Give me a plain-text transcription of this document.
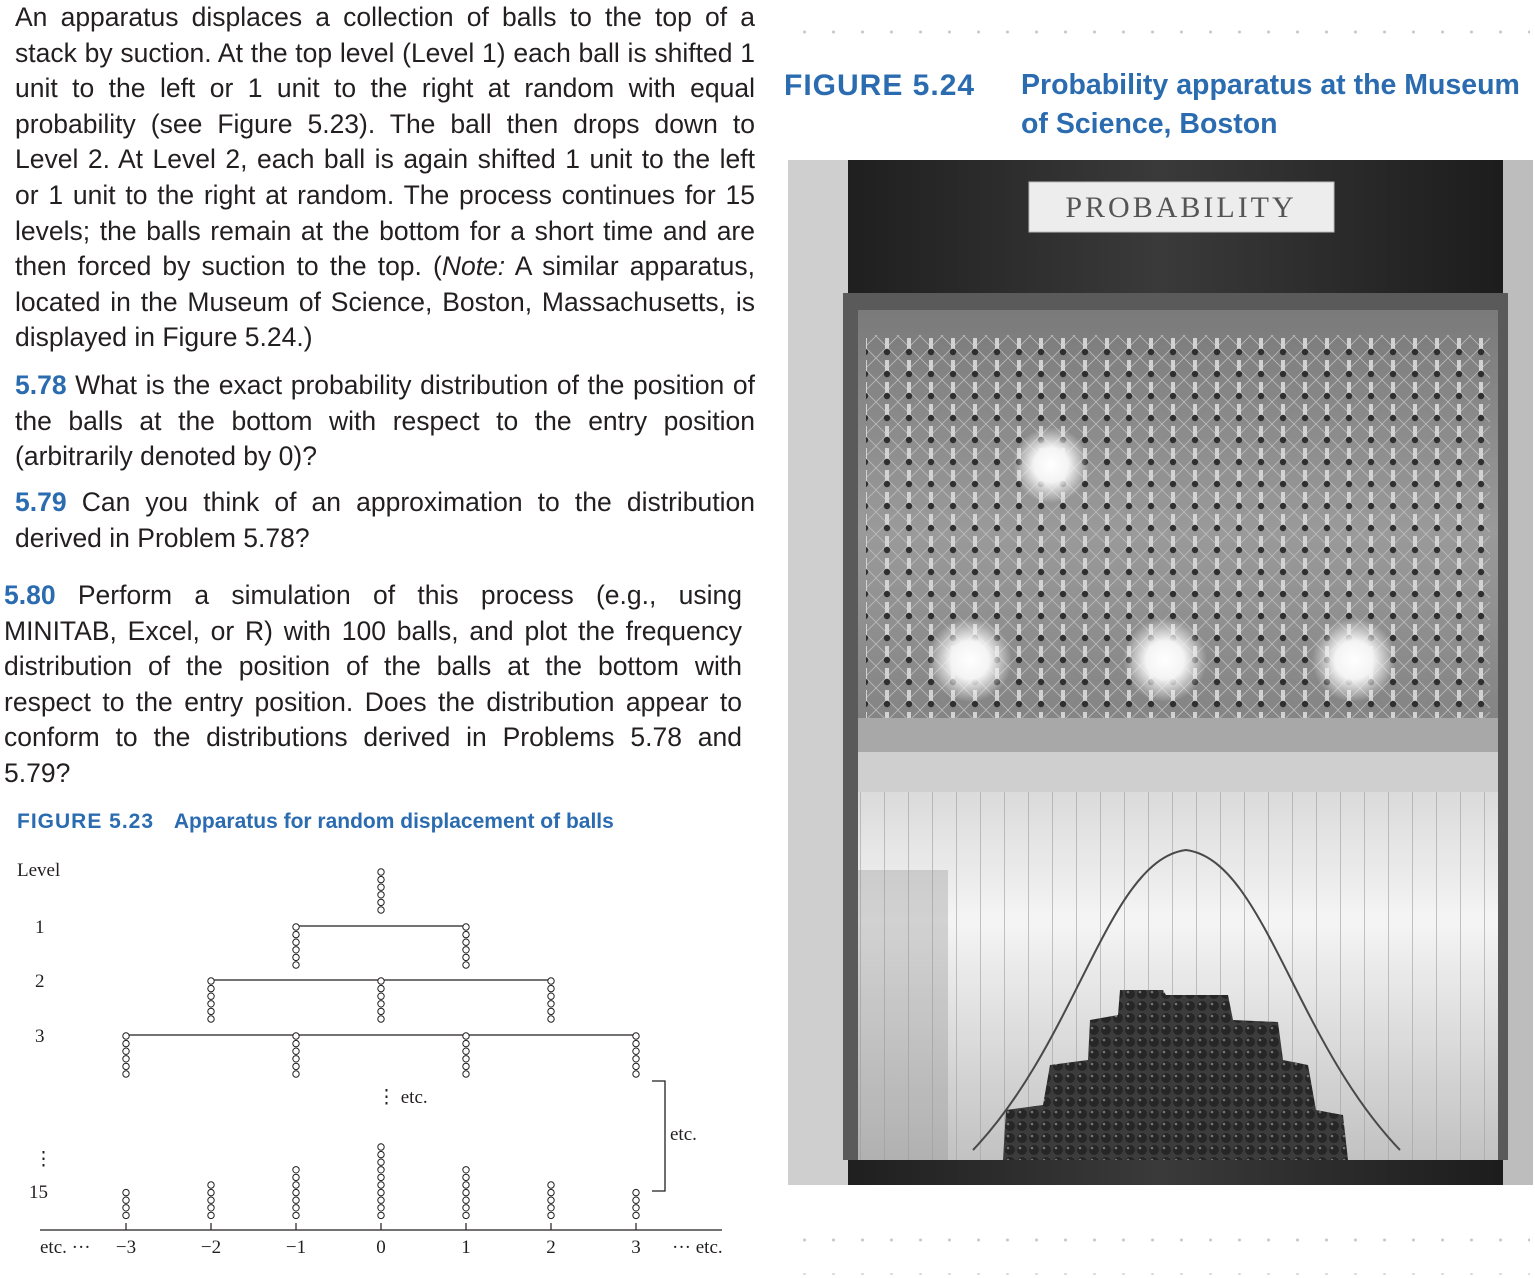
An apparatus displaces a collection of balls to the top of a stack by suction. At the top level (Level 1) each ball is shifted 1 unit to the left or 1 unit to the right at random with equal probability (see Figure 5.23). The ball then drops down to Level 2. At Level 2, each ball is again shifted 1 unit to the left or 1 unit to the right at random. The process continues for 15 levels; the balls remain at the bottom for a short time and are then forced by suction to the top. (Note: A similar apparatus, located in the Museum of Science, Boston, Massachusetts, is displayed in Figure 5.24.)

5.78 What is the exact probability distribution of the position of the balls at the bottom with respect to the entry position (arbitrarily denoted by 0)?

5.79 Can you think of an approximation to the distribution derived in Problem 5.78?

5.80 Perform a simulation of this process (e.g., using MINITAB, Excel, or R) with 100 balls, and plot the frequency distribution of the position of the balls at the bottom with respect to the entry position. Does the distribution appear to conform to the distributions derived in Problems 5.78 and 5.79?

FIGURE 5.23 Apparatus for random displacement of balls
Level
1
2
3
⋮
15
⋮ etc.
etc.
etc. ···	··· etc.
−3	−2	−1	0	1	2	3
FIGURE 5.24 Probability apparatus at the Museum of Science, Boston
PROBABILITY
